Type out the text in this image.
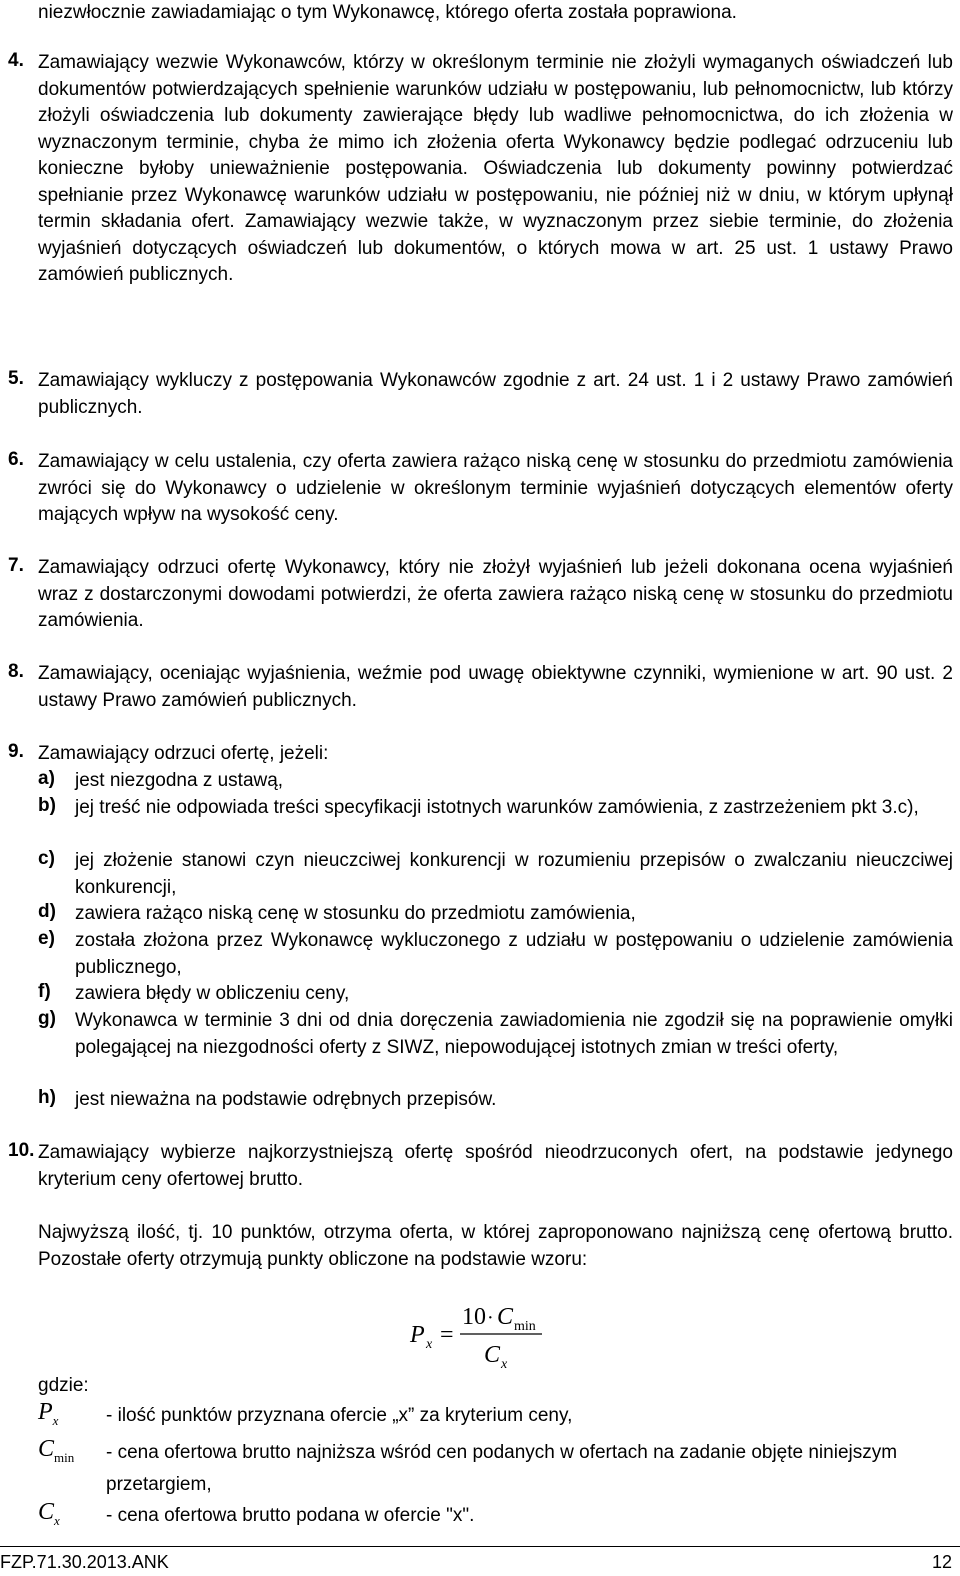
niezwłocznie zawiadamiając o tym Wykonawcę, którego oferta została poprawiona.
4. Zamawiający wezwie Wykonawców, którzy w określonym terminie nie złożyli wymaganych oświadczeń lub dokumentów potwierdzających spełnienie warunków udziału w postępowaniu, lub pełnomocnictw, lub którzy złożyli oświadczenia lub dokumenty zawierające błędy lub wadliwe pełnomocnictwa, do ich złożenia w wyznaczonym terminie, chyba że mimo ich złożenia oferta Wykonawcy będzie podlegać odrzuceniu lub konieczne byłoby unieważnienie postępowania. Oświadczenia lub dokumenty powinny potwierdzać spełnianie przez Wykonawcę warunków udziału w postępowaniu, nie później niż w dniu, w którym upłynął termin składania ofert. Zamawiający wezwie także, w wyznaczonym przez siebie terminie, do złożenia wyjaśnień dotyczących oświadczeń lub dokumentów, o których mowa w art. 25 ust. 1 ustawy Prawo zamówień publicznych.
5. Zamawiający wykluczy z postępowania Wykonawców zgodnie z art. 24 ust. 1 i 2 ustawy Prawo zamówień publicznych.
6. Zamawiający w celu ustalenia, czy oferta zawiera rażąco niską cenę w stosunku do przedmiotu zamówienia zwróci się do Wykonawcy o udzielenie w określonym terminie wyjaśnień dotyczących elementów oferty mających wpływ na wysokość ceny.
7. Zamawiający odrzuci ofertę Wykonawcy, który nie złożył wyjaśnień lub jeżeli dokonana ocena wyjaśnień wraz z dostarczonymi dowodami potwierdzi, że oferta zawiera rażąco niską cenę w stosunku do przedmiotu zamówienia.
8. Zamawiający, oceniając wyjaśnienia, weźmie pod uwagę obiektywne czynniki, wymienione w art. 90 ust. 2 ustawy Prawo zamówień publicznych.
9. Zamawiający odrzuci ofertę, jeżeli:
a) jest niezgodna z ustawą,
b) jej treść nie odpowiada treści specyfikacji istotnych warunków zamówienia, z zastrzeżeniem pkt 3.c),
c) jej złożenie stanowi czyn nieuczciwej konkurencji w rozumieniu przepisów o zwalczaniu nieuczciwej konkurencji,
d) zawiera rażąco niską cenę w stosunku do przedmiotu zamówienia,
e) została złożona przez Wykonawcę wykluczonego z udziału w postępowaniu o udzielenie zamówienia publicznego,
f) zawiera błędy w obliczeniu ceny,
g) Wykonawca w terminie 3 dni od dnia doręczenia zawiadomienia nie zgodził się na poprawienie omyłki polegającej na niezgodności oferty z SIWZ, niepowodującej istotnych zmian w treści oferty,
h) jest nieważna na podstawie odrębnych przepisów.
10. Zamawiający wybierze najkorzystniejszą ofertę spośród nieodrzuconych ofert, na podstawie jedynego kryterium ceny ofertowej brutto.
Najwyższą ilość, tj. 10 punktów, otrzyma oferta, w której zaproponowano najniższą cenę ofertową brutto. Pozostałe oferty otrzymują punkty obliczone na podstawie wzoru:
P x =
10 · C min
C x
gdzie:
$P_x$	- ilość punktów przyznana ofercie „x” za kryterium ceny,
$C_{min}$ - cena ofertowa brutto najniższa wśród cen podanych w ofertach na zadanie objęte niniejszym przetargiem,
$C_x$ - cena ofertowa brutto podana w ofercie "x".
FZP.71.30.2013.ANK	12
